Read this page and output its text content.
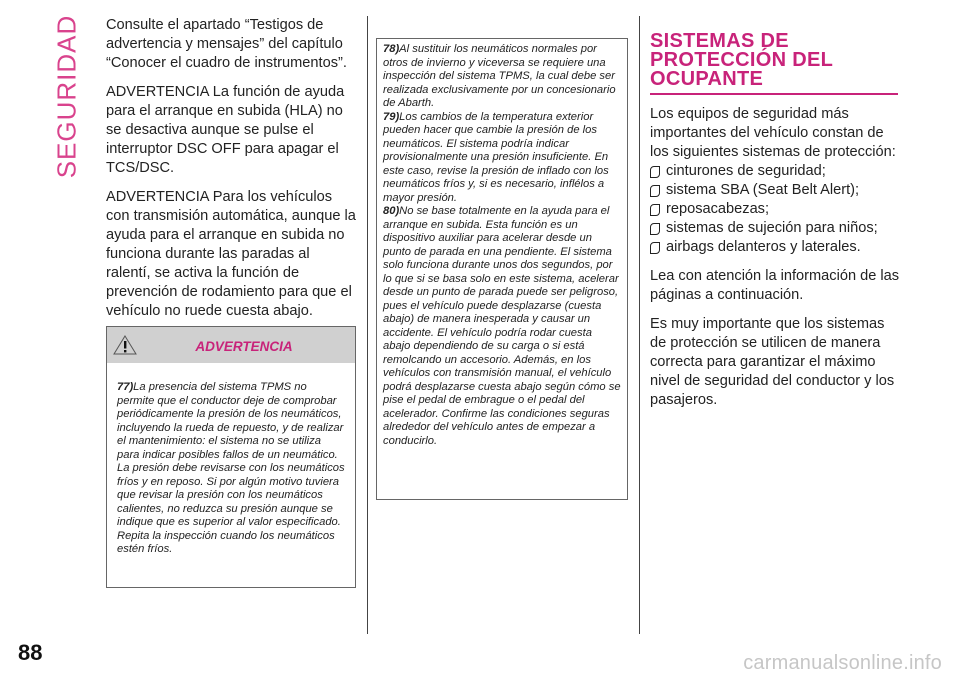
SEGURIDAD Consulte el apartado “Testigos de advertencia y mensajes” del capítulo “Conocer el cuadro de instrumentos”.

ADVERTENCIA La función de ayuda para el arranque en subida (HLA) no se desactiva aunque se pulse el interruptor DSC OFF para apagar el TCS/DSC.

ADVERTENCIA Para los vehículos con transmisión automática, aunque la ayuda para el arranque en subida no funciona durante las paradas al ralentí, se activa la función de prevención de rodamiento para que el vehículo no ruede cuesta abajo.

ADVERTENCIA

77)La presencia del sistema TPMS no permite que el conductor deje de comprobar periódicamente la presión de los neumáticos, incluyendo la rueda de repuesto, y de realizar el mantenimiento: el sistema no se utiliza para indicar posibles fallos de un neumático. La presión debe revisarse con los neumáticos fríos y en reposo. Si por algún motivo tuviera que revisar la presión con los neumáticos calientes, no reduzca su presión aunque se indique que es superior al valor especificado. Repita la inspección cuando los neumáticos estén fríos.

78)Al sustituir los neumáticos normales por otros de invierno y viceversa se requiere una inspección del sistema TPMS, la cual debe ser realizada exclusivamente por un concesionario de Abarth.

79)Los cambios de la temperatura exterior pueden hacer que cambie la presión de los neumáticos. El sistema podría indicar provisionalmente una presión insuficiente. En este caso, revise la presión de inflado con los neumáticos fríos y, si es necesario, inflélos a mayor presión.

80)No se base totalmente en la ayuda para el arranque en subida. Esta función es un dispositivo auxiliar para acelerar desde un punto de parada en una pendiente. El sistema solo funciona durante unos dos segundos, por lo que si se basa solo en este sistema, acelerar desde un punto de parada puede ser peligroso, pues el vehículo puede desplazarse (cuesta abajo) de manera inesperada y causar un accidente. El vehículo podría rodar cuesta abajo dependiendo de su carga o si está remolcando un accesorio. Además, en los vehículos con transmisión manual, el vehículo podrá desplazarse cuesta abajo según cómo se pise el pedal de embrague o el pedal del acelerador. Confirme las condiciones seguras alrededor del vehículo antes de empezar a conducirlo.

SISTEMAS DE PROTECCIÓN DEL OCUPANTE

Los equipos de seguridad más importantes del vehículo constan de los siguientes sistemas de protección:

cinturones de seguridad;
sistema SBA (Seat Belt Alert);
reposacabezas;
sistemas de sujeción para niños;
airbags delanteros y laterales.

Lea con atención la información de las páginas a continuación.

Es muy importante que los sistemas de protección se utilicen de manera correcta para garantizar el máximo nivel de seguridad del conductor y los pasajeros.

88	carmanualsonline.info
